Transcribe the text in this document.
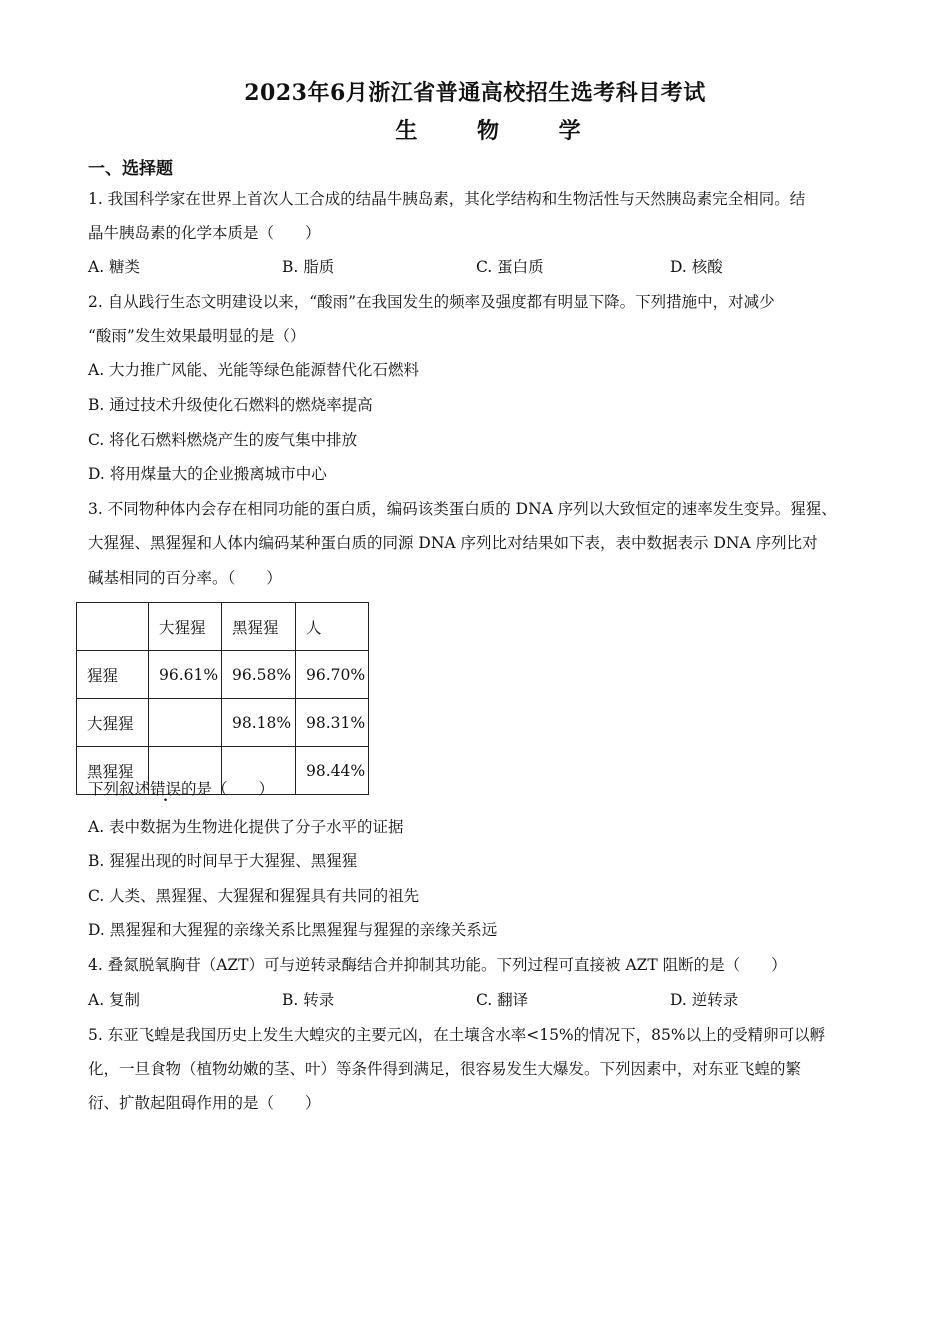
2023年6月浙江省普通高校招生选考科目考试
生 物 学
一、选择题
1. 我国科学家在世界上首次人工合成的结晶牛胰岛素，其化学结构和生物活性与天然胰岛素完全相同。结
晶牛胰岛素的化学本质是（　　）
A. 糖类	B. 脂质	C. 蛋白质	D. 核酸
2. 自从践行生态文明建设以来，“酸雨”在我国发生的频率及强度都有明显下降。下列措施中，对减少
“酸雨”发生效果最明显的是（）
A. 大力推广风能、光能等绿色能源替代化石燃料
B. 通过技术升级使化石燃料的燃烧率提高
C. 将化石燃料燃烧产生的废气集中排放
D. 将用煤量大的企业搬离城市中心
3. 不同物种体内会存在相同功能的蛋白质，编码该类蛋白质的 DNA 序列以大致恒定的速率发生变异。猩猩、
大猩猩、黑猩猩和人体内编码某种蛋白质的同源 DNA 序列比对结果如下表，表中数据表示 DNA 序列比对
碱基相同的百分率。（　　）
	大猩猩	黑猩猩	人
猩猩	96.61%	96.58%	96.70%
大猩猩		98.18%	98.31%
黑猩猩			98.44%
下列叙述错误的是（　　）
A. 表中数据为生物进化提供了分子水平的证据
B. 猩猩出现的时间早于大猩猩、黑猩猩
C. 人类、黑猩猩、大猩猩和猩猩具有共同的祖先
D. 黑猩猩和大猩猩的亲缘关系比黑猩猩与猩猩的亲缘关系远
4. 叠氮脱氧胸苷（AZT）可与逆转录酶结合并抑制其功能。下列过程可直接被 AZT 阻断的是（　　）
A. 复制	B. 转录	C. 翻译	D. 逆转录
5. 东亚飞蝗是我国历史上发生大蝗灾的主要元凶，在土壤含水率<15%的情况下，85%以上的受精卵可以孵
化，一旦食物（植物幼嫩的茎、叶）等条件得到满足，很容易发生大爆发。下列因素中，对东亚飞蝗的繁
衍、扩散起阻碍作用的是（　　）
